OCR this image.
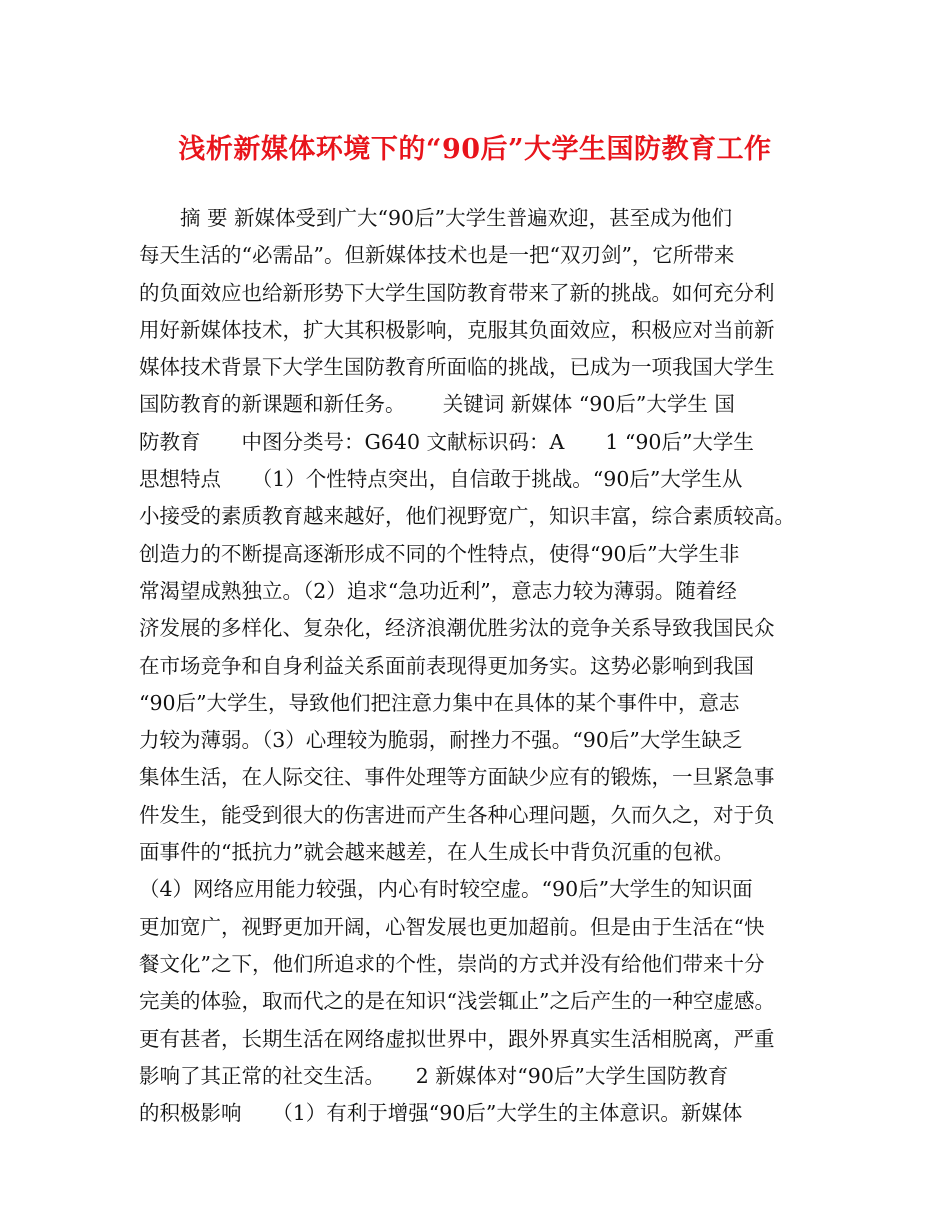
浅析新媒体环境下的“90后”大学生国防教育工作
　　摘 要 新媒体受到广大“90后”大学生普遍欢迎，甚至成为他们
每天生活的“必需品”。但新媒体技术也是一把“双刃剑”，它所带来
的负面效应也给新形势下大学生国防教育带来了新的挑战。如何充分利
用好新媒体技术，扩大其积极影响，克服其负面效应，积极应对当前新
媒体技术背景下大学生国防教育所面临的挑战，已成为一项我国大学生
国防教育的新课题和新任务。　　 关键词 新媒体 “90后”大学生 国
防教育　　中图分类号：G640 文献标识码：A　　1 “90后”大学生
思想特点　　（1）个性特点突出，自信敢于挑战。“90后”大学生从
小接受的素质教育越来越好，他们视野宽广，知识丰富，综合素质较高。
创造力的不断提高逐渐形成不同的个性特点，使得“90后”大学生非
常渴望成熟独立。（2）追求“急功近利”，意志力较为薄弱。随着经
济发展的多样化、复杂化，经济浪潮优胜劣汰的竞争关系导致我国民众
在市场竞争和自身利益关系面前表现得更加务实。这势必影响到我国
“90后”大学生，导致他们把注意力集中在具体的某个事件中，意志
力较为薄弱。（3）心理较为脆弱，耐挫力不强。“90后”大学生缺乏
集体生活，在人际交往、事件处理等方面缺少应有的锻炼，一旦紧急事
件发生，能受到很大的伤害进而产生各种心理问题，久而久之，对于负
面事件的“抵抗力”就会越来越差，在人生成长中背负沉重的包袱。
（4）网络应用能力较强，内心有时较空虚。“90后”大学生的知识面
更加宽广，视野更加开阔，心智发展也更加超前。但是由于生活在“快
餐文化”之下，他们所追求的个性，崇尚的方式并没有给他们带来十分
完美的体验，取而代之的是在知识“浅尝辄止”之后产生的一种空虚感。
更有甚者，长期生活在网络虚拟世界中，跟外界真实生活相脱离，严重
影响了其正常的社交生活。　　2 新媒体对“90后”大学生国防教育
的积极影响　　（1）有利于增强“90后”大学生的主体意识。新媒体
